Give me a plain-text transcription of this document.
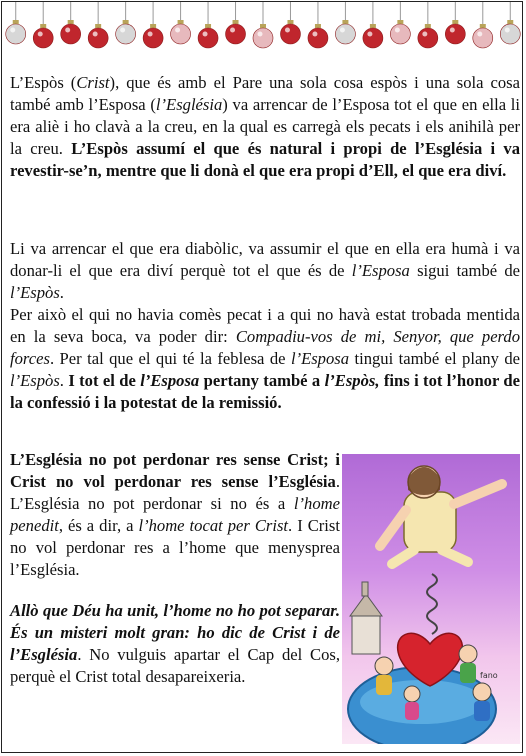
L’Espòs (Crist), que és amb el Pare una sola cosa espòs i una sola cosa també amb l’Esposa (l’Església) va arrencar de l’Esposa tot el que en ella li era aliè i ho clavà a la creu, en la qual es carregà els pecats i els anihilà per la creu. L’Espòs assumí el que és natural i propi de l’Església i va revestir-se’n, mentre que li donà el que era propi d’Ell, el que era diví.

Li va arrencar el que era diabòlic, va assumir el que en ella era humà i va donar-li el que era diví perquè tot el que és de l’Esposa sigui també de l’Espòs.

Per això el qui no havia comès pecat i a qui no havà estat trobada mentida en la seva boca, va poder dir: Compadiu-vos de mi, Senyor, que perdo forces. Per tal que el qui té la feblesa de l’Esposa tingui també el plany de l’Espòs. I tot el de l’Esposa pertany també a l’Espòs, fins i tot l’honor de la confessió i la potestat de la remissió.

L’Església no pot perdonar res sense Crist; i Crist no vol perdonar res sense l’Església. L’Església no pot perdonar si no és a l’home penedit, és a dir, a l’home tocat per Crist. I Crist no vol perdonar res a l’home que menysprea l’Església.

Allò que Déu ha unit, l’home no ho pot separar. És un misteri molt gran: ho dic de Crist i de l’Església. No vulguis apartar el Cap del Cos, perquè el Crist total desapareixeria.	fano
